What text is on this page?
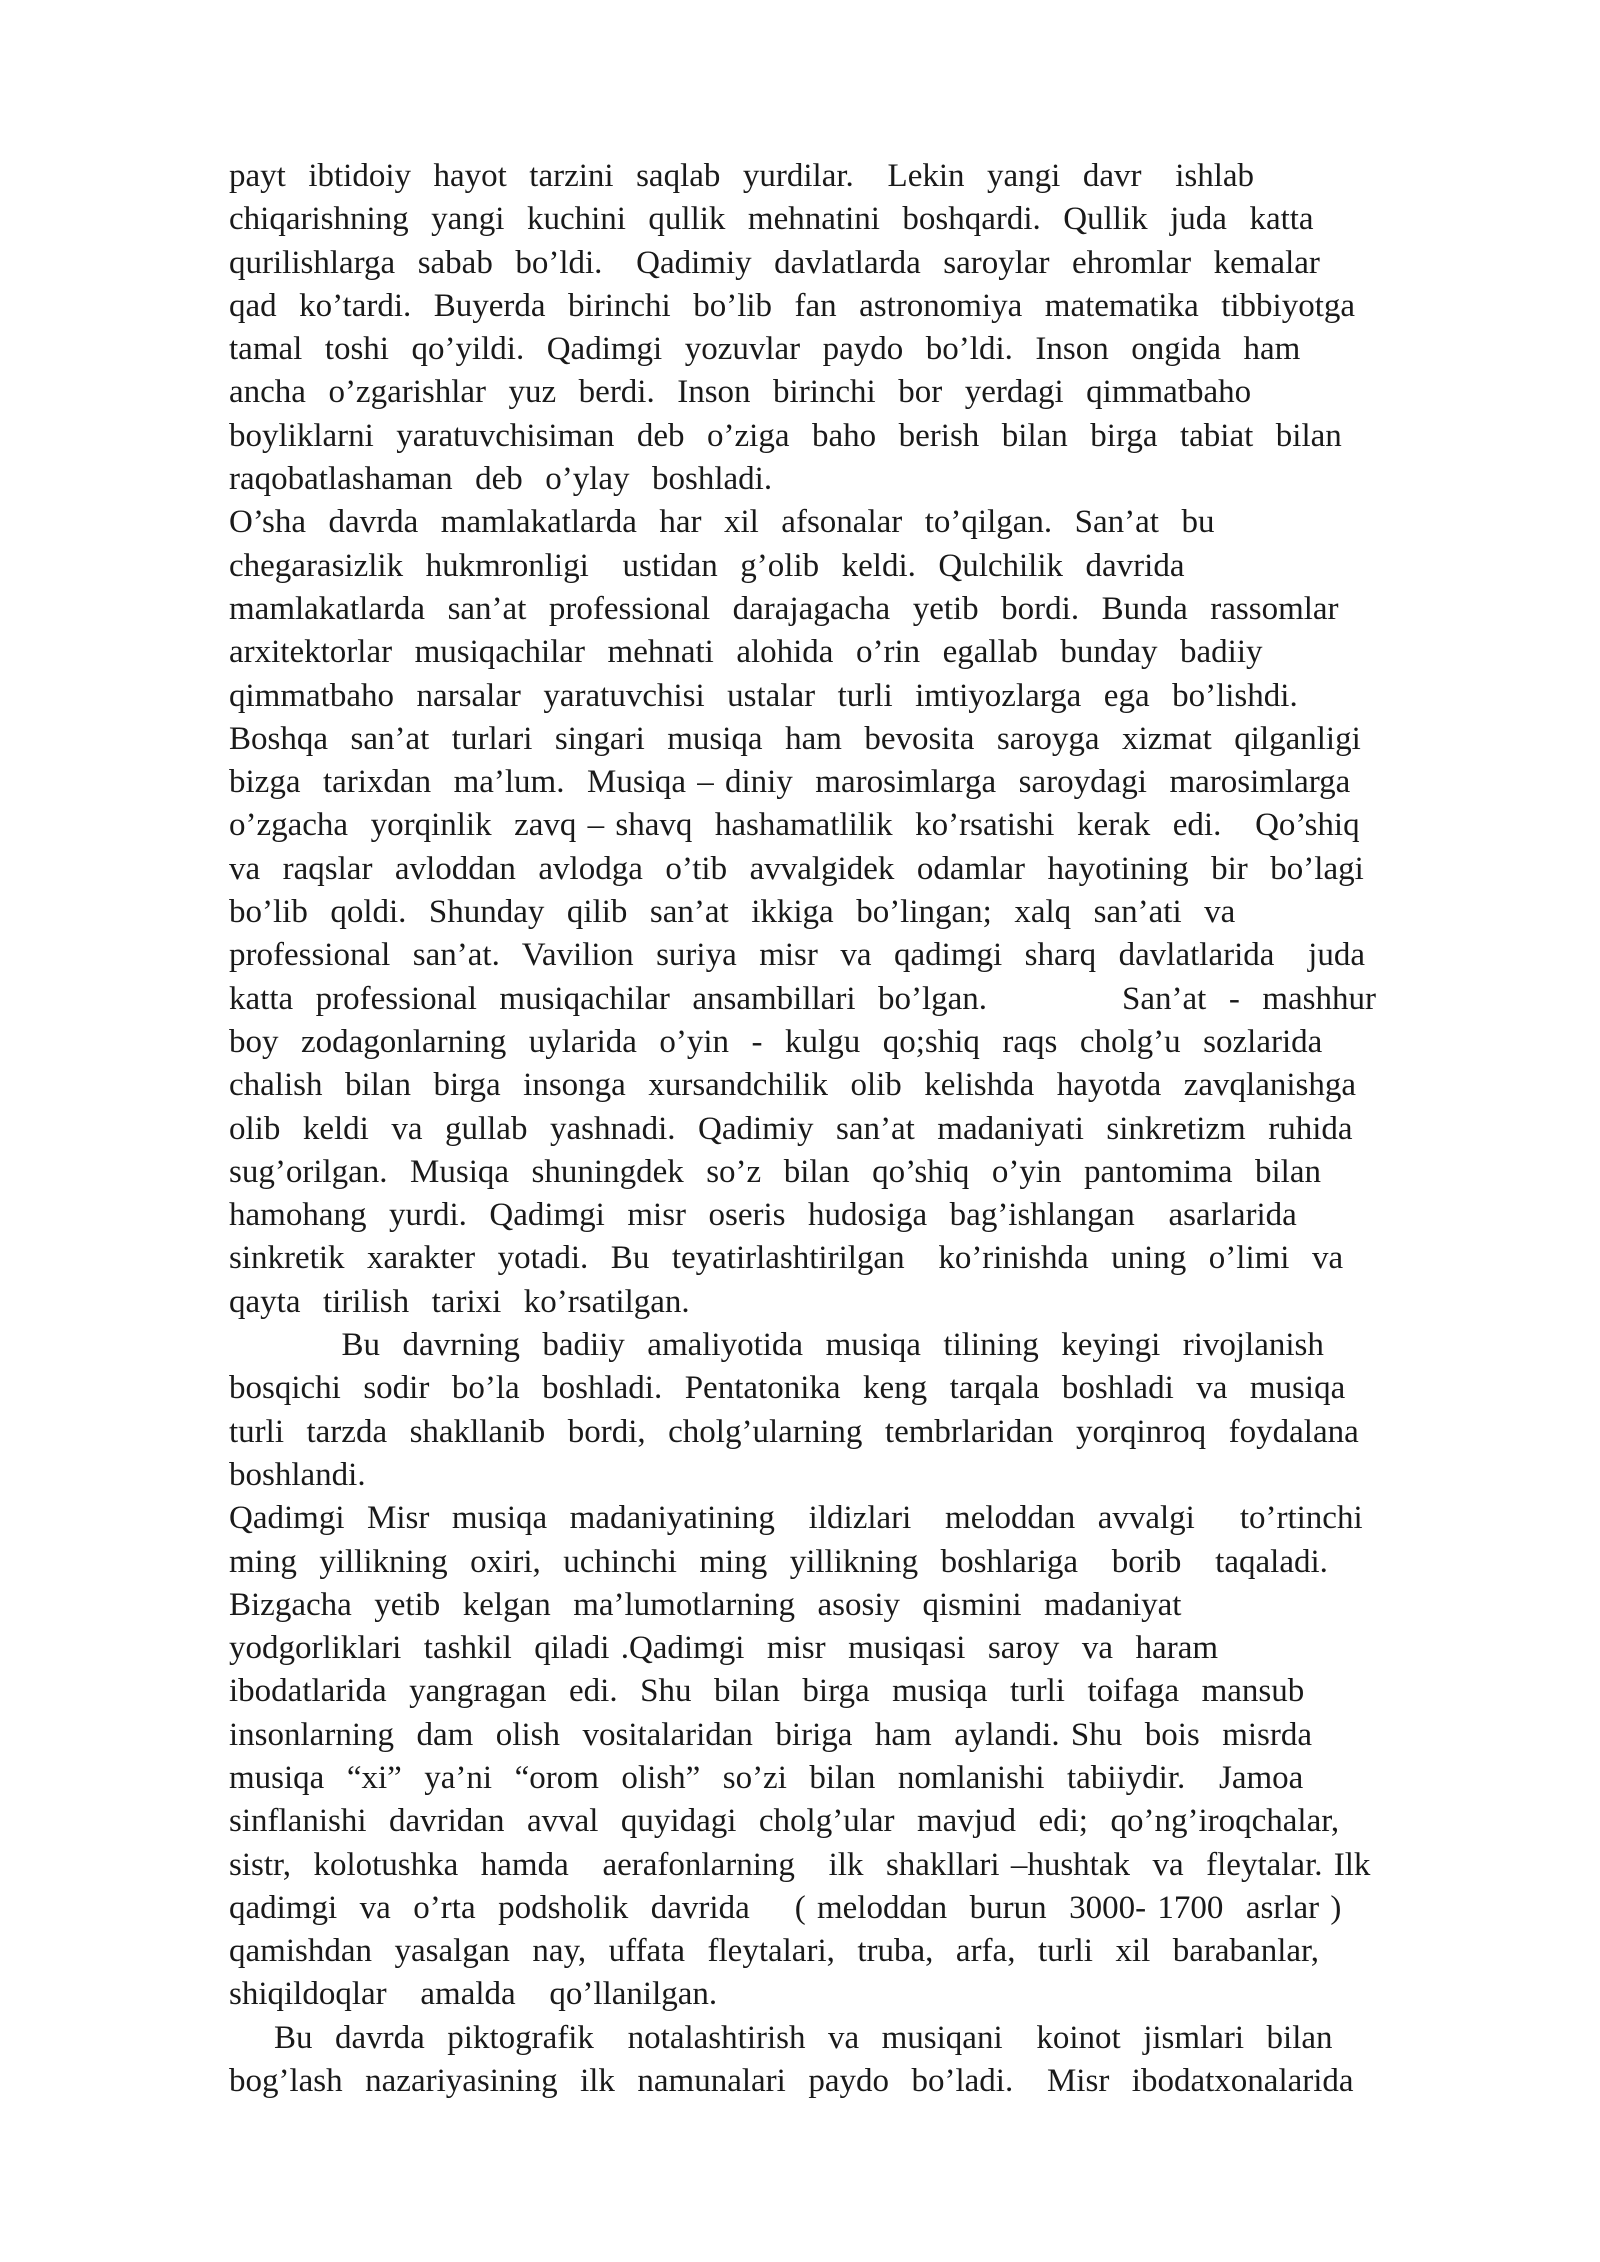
payt  ibtidoiy  hayot  tarzini  saqlab  yurdilar.   Lekin  yangi  davr   ishlab
chiqarishning  yangi  kuchini  qullik  mehnatini  boshqardi.  Qullik  juda  katta
qurilishlarga  sabab  bo’ldi.   Qadimiy  davlatlarda  saroylar  ehromlar  kemalar
qad  ko’tardi.  Buyerda  birinchi  bo’lib  fan  astronomiya  matematika  tibbiyotga
tamal  toshi  qo’yildi.  Qadimgi  yozuvlar  paydo  bo’ldi.  Inson  ongida  ham
ancha  o’zgarishlar  yuz  berdi.  Inson  birinchi  bor  yerdagi  qimmatbaho
boyliklarni  yaratuvchisiman  deb  o’ziga  baho  berish  bilan  birga  tabiat  bilan
raqobatlashaman  deb  o’ylay  boshladi.
O’sha  davrda  mamlakatlarda  har  xil  afsonalar  to’qilgan.  San’at  bu
chegarasizlik  hukmronligi   ustidan  g’olib  keldi.  Qulchilik  davrida
mamlakatlarda  san’at  professional  darajagacha  yetib  bordi.  Bunda  rassomlar
arxitektorlar  musiqachilar  mehnati  alohida  o’rin  egallab  bunday  badiiy
qimmatbaho  narsalar  yaratuvchisi  ustalar  turli  imtiyozlarga  ega  bo’lishdi.
Boshqa  san’at  turlari  singari  musiqa  ham  bevosita  saroyga  xizmat  qilganligi
bizga  tarixdan  ma’lum.  Musiqa – diniy  marosimlarga  saroydagi  marosimlarga
o’zgacha  yorqinlik  zavq – shavq  hashamatlilik  ko’rsatishi  kerak  edi.   Qo’shiq
va  raqslar  avloddan  avlodga  o’tib  avvalgidek  odamlar  hayotining  bir  bo’lagi
bo’lib  qoldi.  Shunday  qilib  san’at  ikkiga  bo’lingan;  xalq  san’ati  va
professional  san’at.  Vavilion  suriya  misr  va  qadimgi  sharq  davlatlarida   juda
katta  professional  musiqachilar  ansambillari  bo’lgan.            San’at  -  mashhur
boy  zodagonlarning  uylarida  o’yin  -  kulgu  qo;shiq  raqs  cholg’u  sozlarida
chalish  bilan  birga  insonga  xursandchilik  olib  kelishda  hayotda  zavqlanishga
olib  keldi  va  gullab  yashnadi.  Qadimiy  san’at  madaniyati  sinkretizm  ruhida
sug’orilgan.  Musiqa  shuningdek  so’z  bilan  qo’shiq  o’yin  pantomima  bilan
hamohang  yurdi.  Qadimgi  misr  oseris  hudosiga  bag’ishlangan   asarlarida
sinkretik  xarakter  yotadi.  Bu  teyatirlashtirilgan   ko’rinishda  uning  o’limi  va
qayta  tirilish  tarixi  ko’rsatilgan.
Bu  davrning  badiiy  amaliyotida  musiqa  tilining  keyingi  rivojlanish
bosqichi  sodir  bo’la  boshladi.  Pentatonika  keng  tarqala  boshladi  va  musiqa
turli  tarzda  shakllanib  bordi,  cholg’ularning  tembrlaridan  yorqinroq  foydalana
boshlandi.
Qadimgi  Misr  musiqa  madaniyatining   ildizlari   meloddan  avvalgi    to’rtinchi
ming  yillikning  oxiri,  uchinchi  ming  yillikning  boshlariga   borib   taqaladi.
Bizgacha  yetib  kelgan  ma’lumotlarning  asosiy  qismini  madaniyat
yodgorliklari  tashkil  qiladi .Qadimgi  misr  musiqasi  saroy  va  haram
ibodatlarida  yangragan  edi.  Shu  bilan  birga  musiqa  turli  toifaga  mansub
insonlarning  dam  olish  vositalaridan  biriga  ham  aylandi. Shu  bois  misrda
musiqa  “xi”  ya’ni  “orom  olish”  so’zi  bilan  nomlanishi  tabiiydir.   Jamoa
sinflanishi  davridan  avval  quyidagi  cholg’ular  mavjud  edi;  qo’ng’iroqchalar,
sistr,  kolotushka  hamda   aerafonlarning   ilk  shakllari –hushtak  va  fleytalar. Ilk
qadimgi  va  o’rta  podsholik  davrida    ( meloddan  burun  3000- 1700  asrlar )
qamishdan  yasalgan  nay,  uffata  fleytalari,  truba,  arfa,  turli  xil  barabanlar,
shiqildoqlar   amalda   qo’llanilgan.
Bu  davrda  piktografik   notalashtirish  va  musiqani   koinot  jismlari  bilan
bog’lash  nazariyasining  ilk  namunalari  paydo  bo’ladi.   Misr  ibodatxonalarida
